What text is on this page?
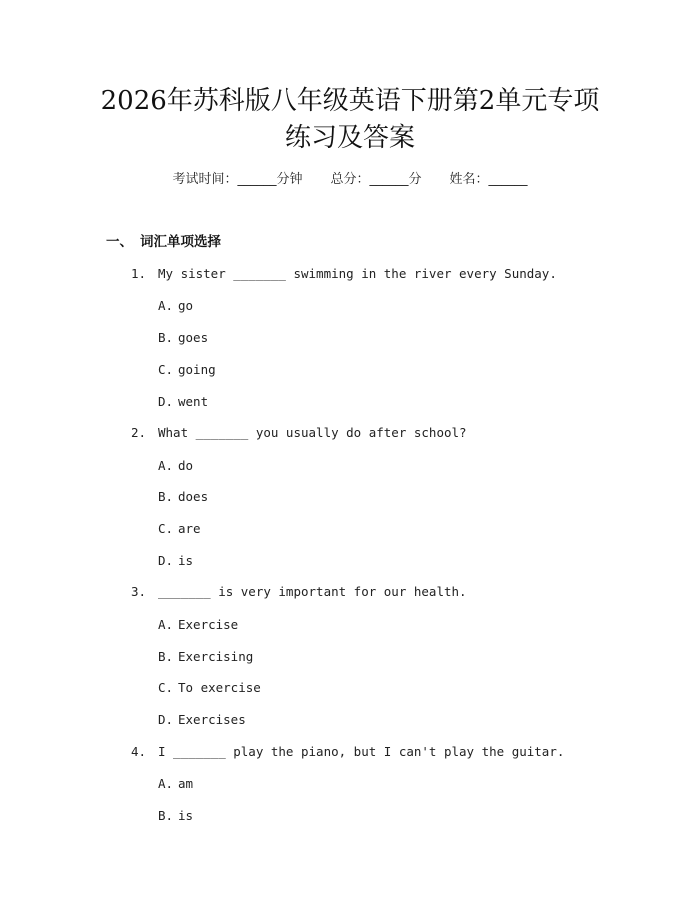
2026年苏科版八年级英语下册第2单元专项
练习及答案
考试时间： ______ 分钟 总分： ______ 分 姓名： ______
一、 词汇单项选择
1. My sister _______ swimming in the river every Sunday.
A. go
B. goes
C. going
D. went
2. What _______ you usually do after school?
A. do
B. does
C. are
D. is
3. _______ is very important for our health.
A. Exercise
B. Exercising
C. To exercise
D. Exercises
4. I _______ play the piano, but I can't play the guitar.
A. am
B. is
